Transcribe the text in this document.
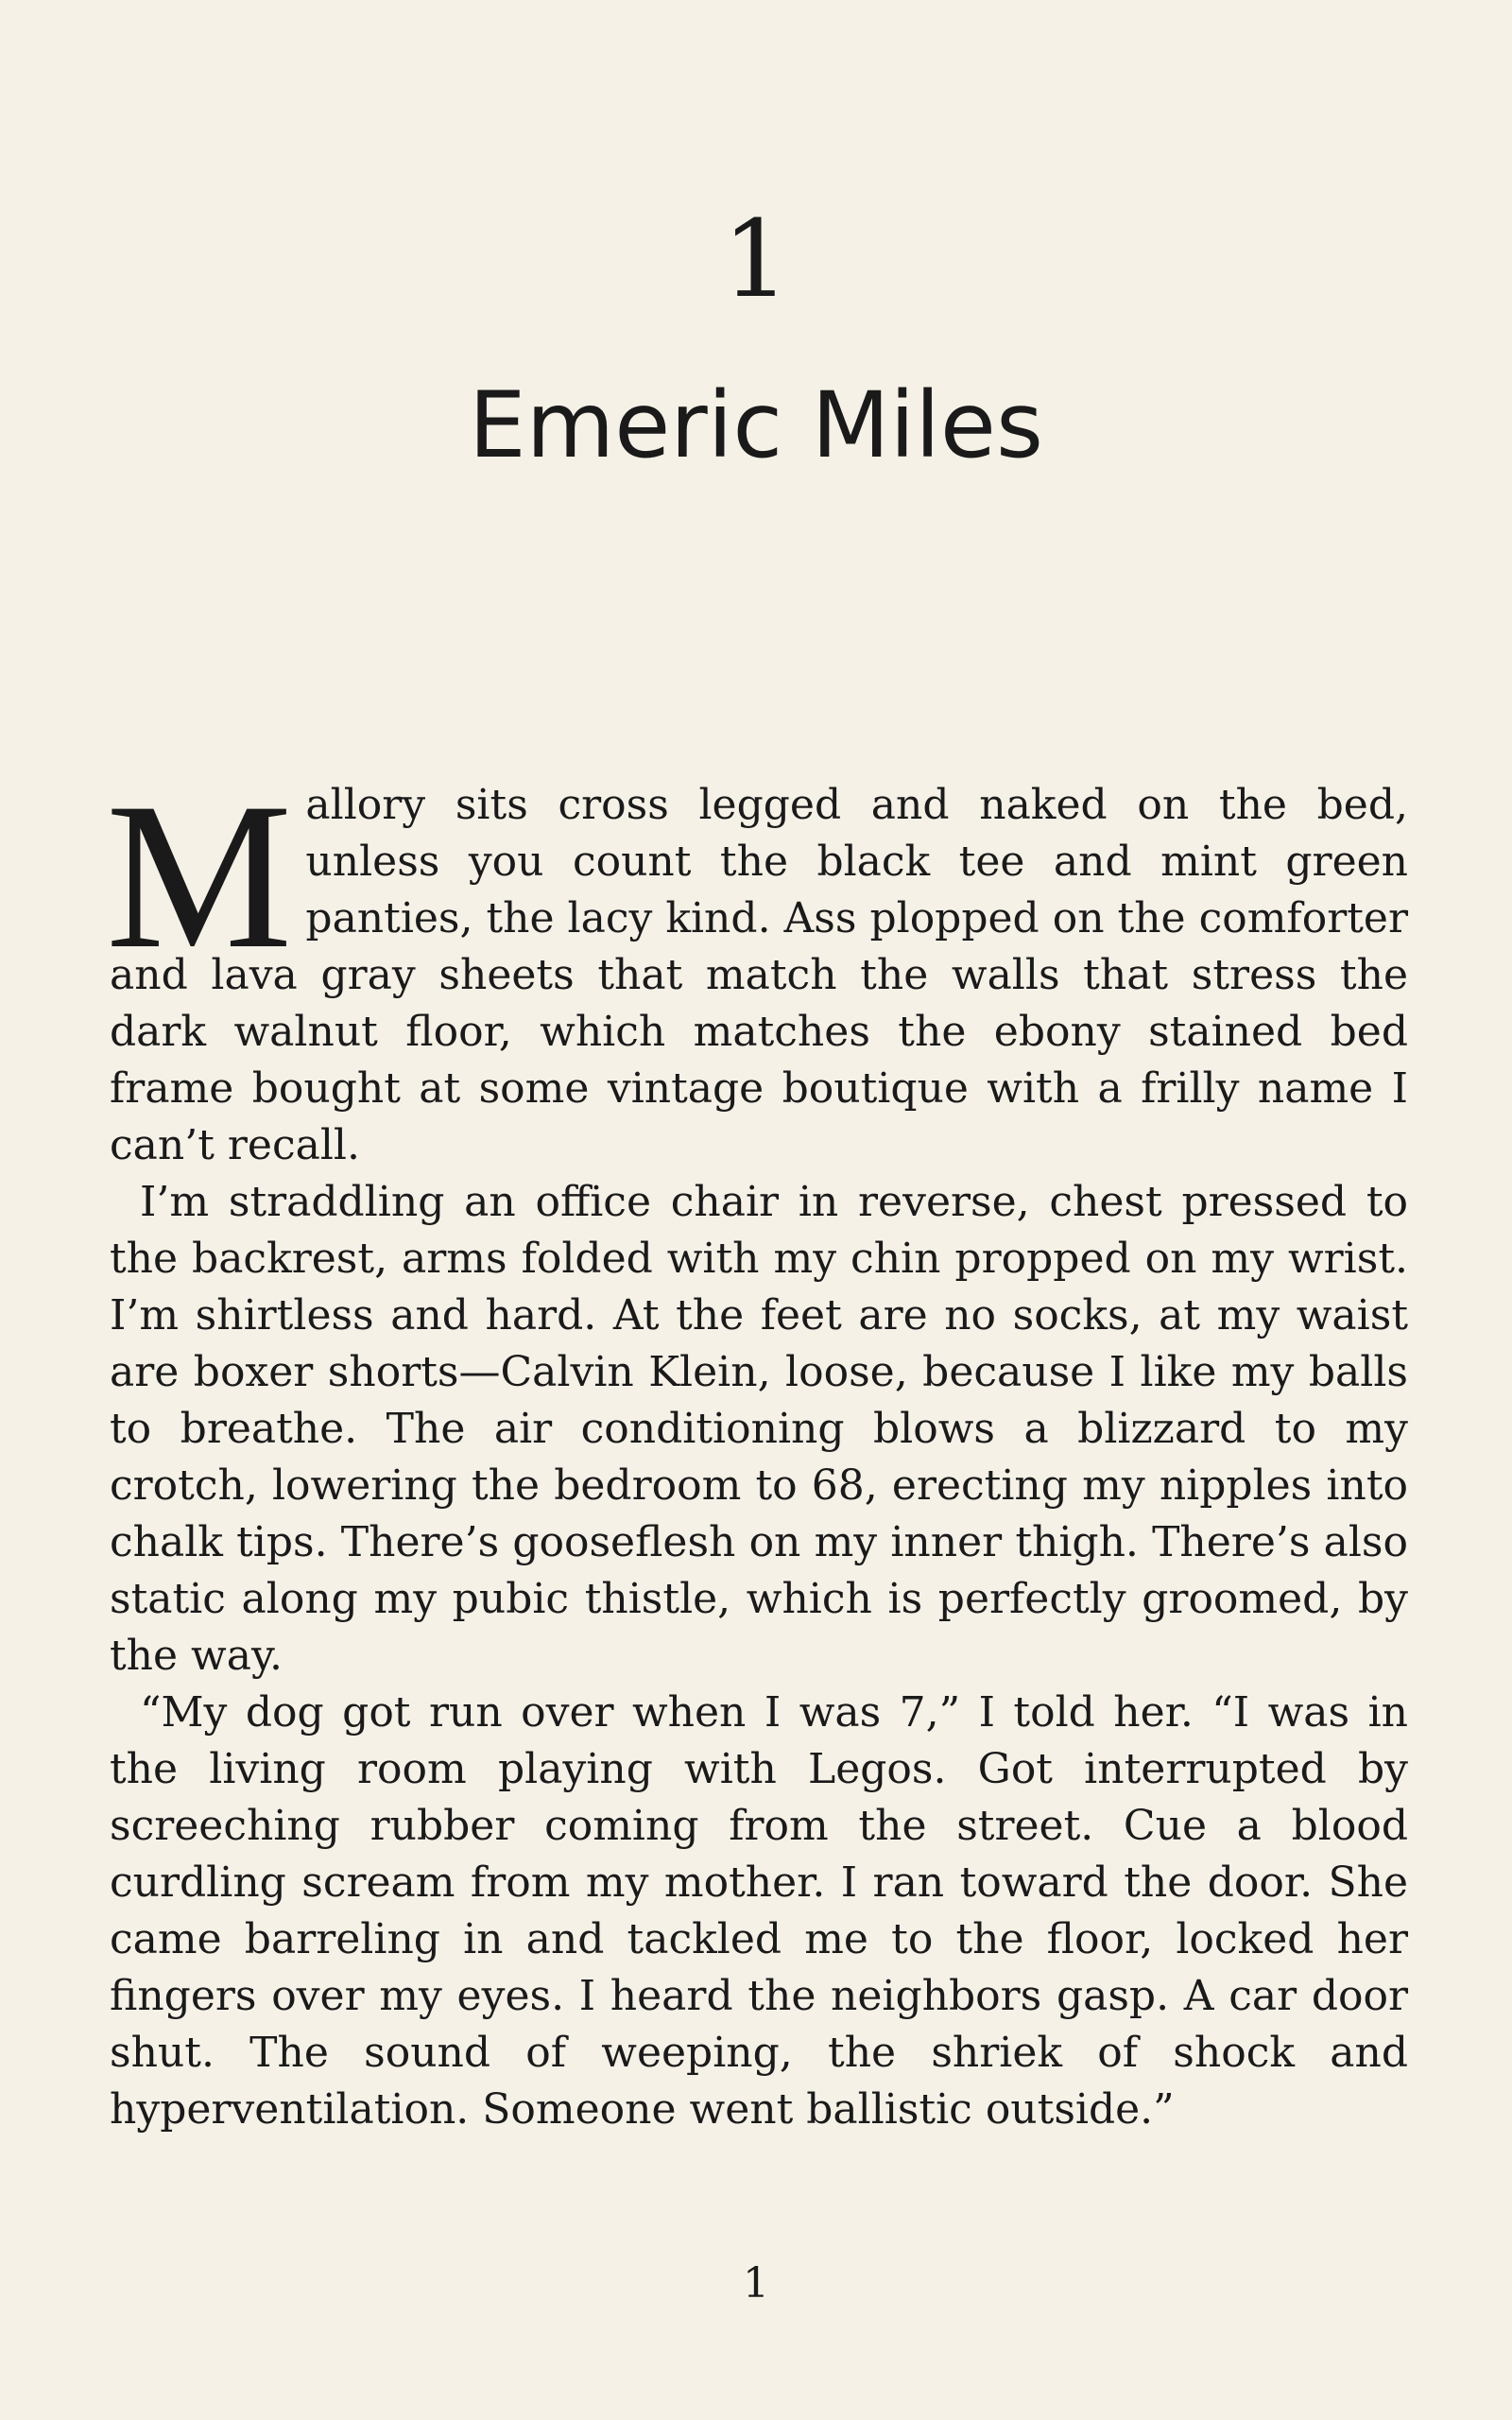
1
Emeric Miles

Mallory sits cross legged and naked on the bed, unless you count the black tee and mint green panties, the lacy kind. Ass plopped on the comforter and lava gray sheets that match the walls that stress the dark walnut floor, which matches the ebony stained bed frame bought at some vintage boutique with a frilly name I can’t recall.

I’m straddling an office chair in reverse, chest pressed to the backrest, arms folded with my chin propped on my wrist. I’m shirtless and hard. At the feet are no socks, at my waist are boxer shorts—Calvin Klein, loose, because I like my balls to breathe. The air conditioning blows a blizzard to my crotch, lowering the bedroom to 68, erecting my nipples into chalk tips. There’s gooseflesh on my inner thigh. There’s also static along my pubic thistle, which is perfectly groomed, by the way.

“My dog got run over when I was 7,” I told her. “I was in the living room playing with Legos. Got interrupted by screeching rubber coming from the street. Cue a blood curdling scream from my mother. I ran toward the door. She came barreling in and tackled me to the floor, locked her fingers over my eyes. I heard the neighbors gasp. A car door shut. The sound of weeping, the shriek of shock and hyperventilation. Someone went ballistic outside.”

1
